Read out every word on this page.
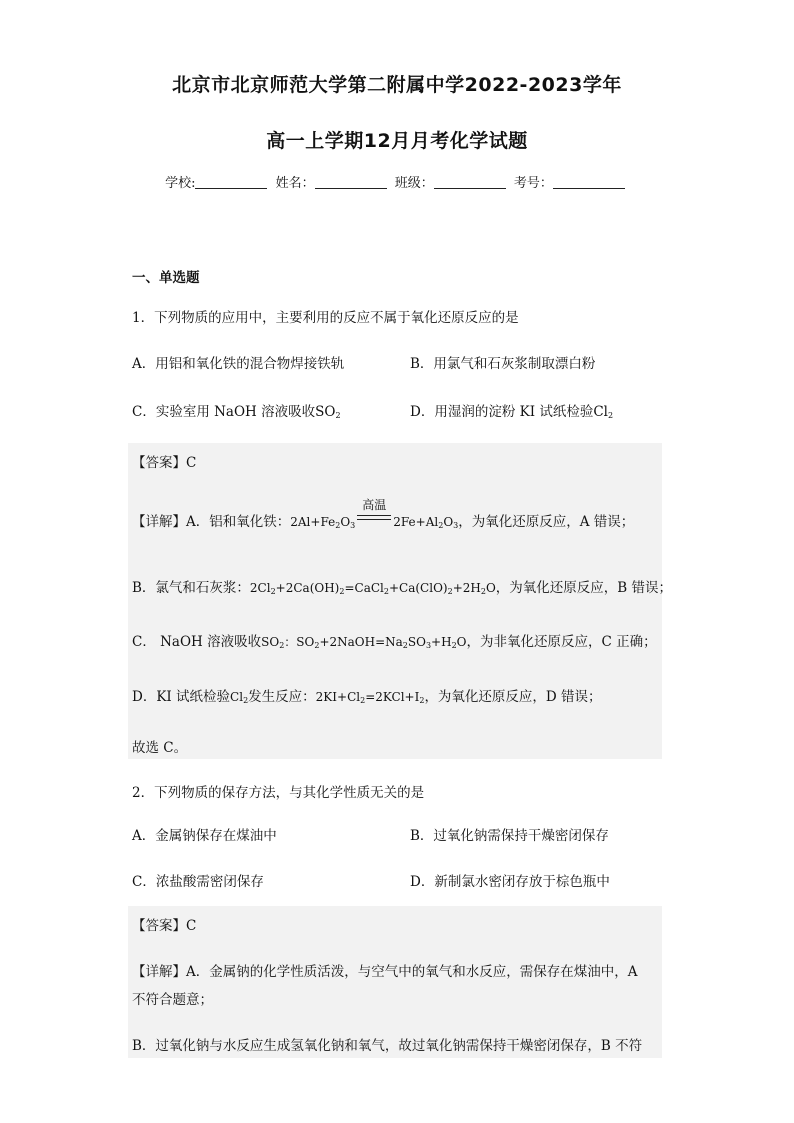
北京市北京师范大学第二附属中学2022-2023学年
高一上学期12月月考化学试题
学校:	姓名：	班级：	考号：
一、单选题
1．下列物质的应用中，主要利用的反应不属于氧化还原反应的是
A．用铝和氧化铁的混合物焊接铁轨	B．用氯气和石灰浆制取漂白粉
C．实验室用 NaOH 溶液吸收$SO_2$	D．用湿润的淀粉 KI 试纸检验$Cl_2$
【答案】C
【详解】A．铝和氧化铁：$2Al+Fe_2O_3$
高温
$2Fe+Al_2O_3$，为氧化还原反应，A 错误；
B．氯气和石灰浆：$2Cl_2+2Ca(OH)_2=CaCl_2+Ca(ClO)_2+2H_2O$，为氧化还原反应，B 错误；
C． NaOH 溶液吸收$SO_2$：$SO_2+2NaOH=Na_2SO_3+H_2O$，为非氧化还原反应，C 正确；
D．KI 试纸检验$Cl_2$发生反应：$2KI+Cl_2=2KCl+I_2$，为氧化还原反应，D 错误；
故选 C。
2．下列物质的保存方法，与其化学性质无关的是
A．金属钠保存在煤油中	B．过氧化钠需保持干燥密闭保存
C．浓盐酸需密闭保存	D．新制氯水密闭存放于棕色瓶中
【答案】C
【详解】A．金属钠的化学性质活泼，与空气中的氧气和水反应，需保存在煤油中，A
不符合题意；
B．过氧化钠与水反应生成氢氧化钠和氧气，故过氧化钠需保持干燥密闭保存，B 不符
